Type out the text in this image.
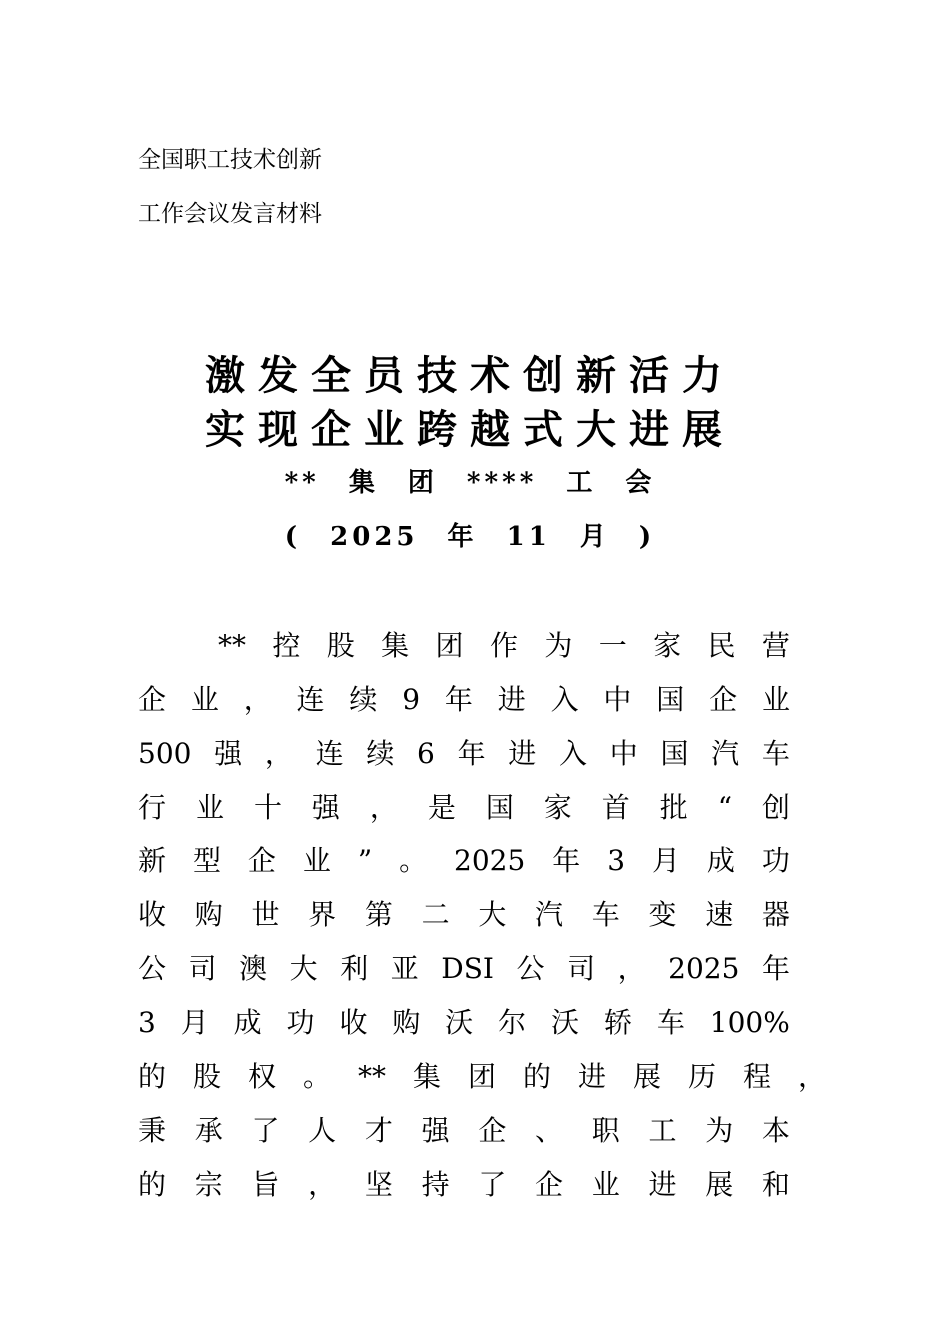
全国职工技术创新
工作会议发言材料
激发全员技术创新活力
实现企业跨越式大进展
** 集 团 **** 工 会
( 2025 年 11 月 )
** 控 股 集 团 作 为 一 家 民 营
企 业 ， 连 续 9 年 进 入 中 国 企 业
500 强 ， 连 续 6 年 进 入 中 国 汽 车
行 业 十 强 ， 是 国 家 首 批 “ 创
新 型 企 业 ” 。 2025 年 3 月 成 功
收 购 世 界 第 二 大 汽 车 变 速 器
公 司 澳 大 利 亚 DSI 公 司 ， 2025 年
3 月 成 功 收 购 沃 尔 沃 轿 车 100%
的 股 权 。 ** 集 团 的 进 展 历 程 ，
秉 承 了 人 才 强 企 、 职 工 为 本
的 宗 旨 ， 坚 持 了 企 业 进 展 和
